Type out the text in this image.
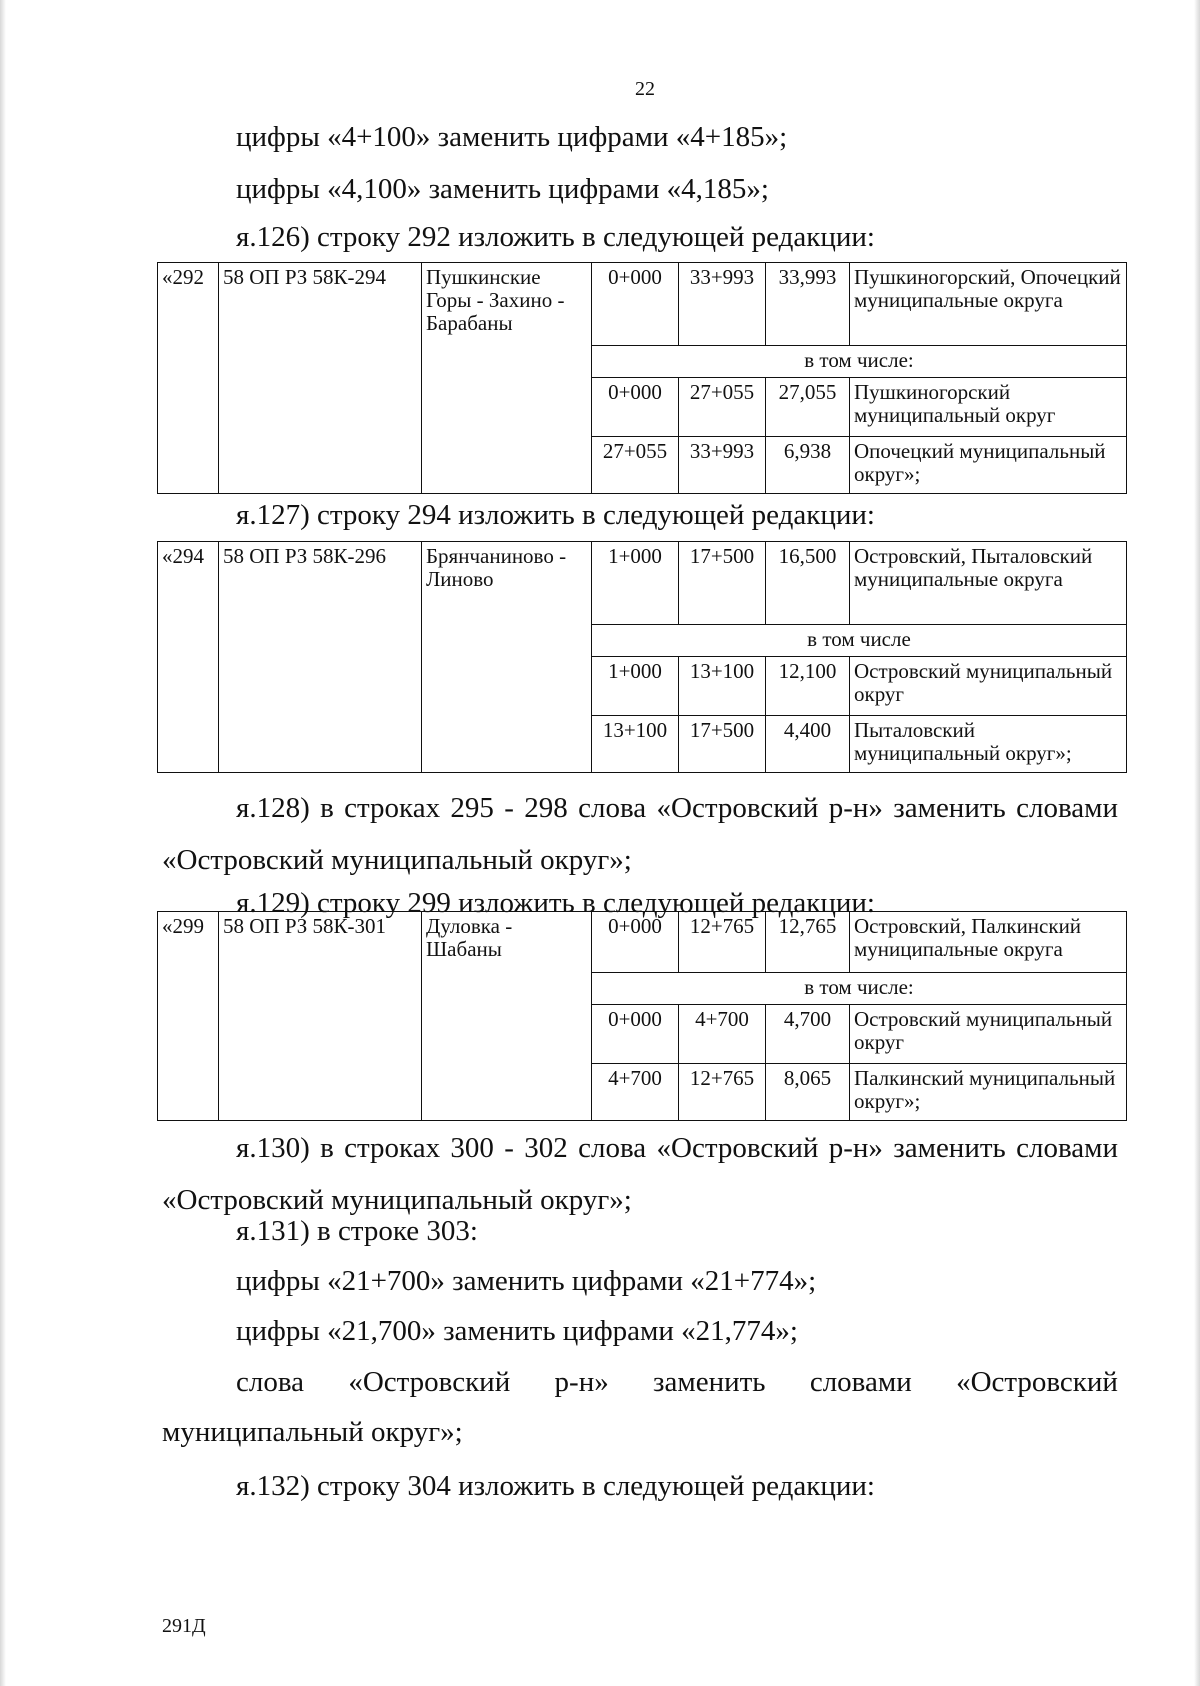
22
цифры «4+100» заменить цифрами «4+185»;
цифры «4,100» заменить цифрами «4,185»;
я.126) строку 292 изложить в следующей редакции:
«292	58 ОП РЗ 58К-294	Пушкинские Горы - Захино - Барабаны	0+000	33+993	33,993	Пушкиногорский, Опочецкий муниципальные округа
			в том числе:			
			0+000	27+055	27,055	Пушкиногорский муниципальный округ
			27+055	33+993	6,938	Опочецкий муниципальный округ»;
я.127) строку 294 изложить в следующей редакции:
«294	58 ОП РЗ 58К-296	Брянчаниново - Линово	1+000	17+500	16,500	Островский, Пыталовский муниципальные округа
			в том числе			
			1+000	13+100	12,100	Островский муниципальный округ
			13+100	17+500	4,400	Пыталовский муниципальный округ»;
я.128) в строках 295 - 298 слова «Островский р-н» заменить словами «Островский муниципальный округ»;
я.129) строку 299 изложить в следующей редакции:
«299	58 ОП РЗ 58К-301	Дуловка - Шабаны	0+000	12+765	12,765	Островский, Палкинский муниципальные округа
			в том числе:			
			0+000	4+700	4,700	Островский муниципальный округ
			4+700	12+765	8,065	Палкинский муниципальный округ»;
я.130) в строках 300 - 302 слова «Островский р-н» заменить словами «Островский муниципальный округ»;
я.131) в строке 303:
цифры «21+700» заменить цифрами «21+774»;
цифры «21,700» заменить цифрами «21,774»;
слова «Островский р-н» заменить словами «Островский
муниципальный округ»;
я.132) строку 304 изложить в следующей редакции:
291Д
